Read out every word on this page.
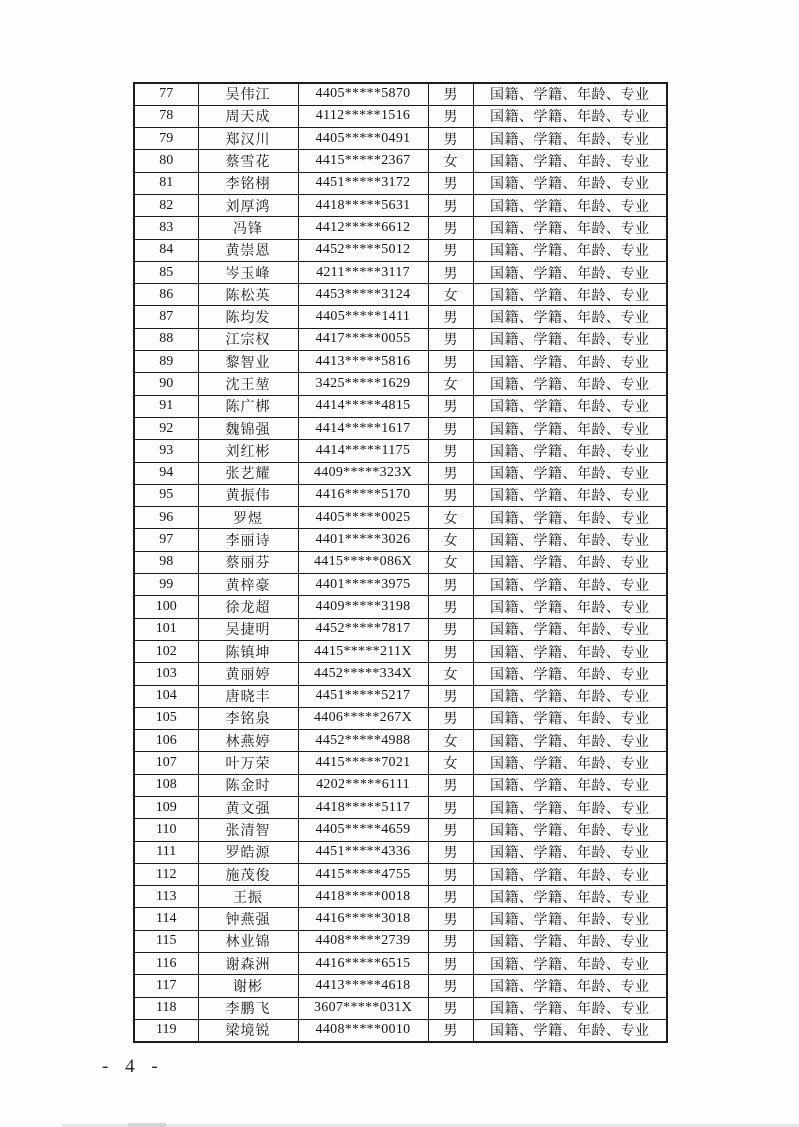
77	吴伟江	4405*****5870	男	国籍、学籍、年龄、专业
78	周天成	4112*****1516	男	国籍、学籍、年龄、专业
79	郑汉川	4405*****0491	男	国籍、学籍、年龄、专业
80	蔡雪花	4415*****2367	女	国籍、学籍、年龄、专业
81	李铭栩	4451*****3172	男	国籍、学籍、年龄、专业
82	刘厚鸿	4418*****5631	男	国籍、学籍、年龄、专业
83	冯锋	4412*****6612	男	国籍、学籍、年龄、专业
84	黄崇恩	4452*****5012	男	国籍、学籍、年龄、专业
85	岑玉峰	4211*****3117	男	国籍、学籍、年龄、专业
86	陈松英	4453*****3124	女	国籍、学籍、年龄、专业
87	陈均发	4405*****1411	男	国籍、学籍、年龄、专业
88	江宗权	4417*****0055	男	国籍、学籍、年龄、专业
89	黎智业	4413*****5816	男	国籍、学籍、年龄、专业
90	沈王堃	3425*****1629	女	国籍、学籍、年龄、专业
91	陈广梆	4414*****4815	男	国籍、学籍、年龄、专业
92	魏锦强	4414*****1617	男	国籍、学籍、年龄、专业
93	刘红彬	4414*****1175	男	国籍、学籍、年龄、专业
94	张艺耀	4409*****323X	男	国籍、学籍、年龄、专业
95	黄振伟	4416*****5170	男	国籍、学籍、年龄、专业
96	罗煜	4405*****0025	女	国籍、学籍、年龄、专业
97	李丽诗	4401*****3026	女	国籍、学籍、年龄、专业
98	蔡丽芬	4415*****086X	女	国籍、学籍、年龄、专业
99	黄梓豪	4401*****3975	男	国籍、学籍、年龄、专业
100	徐龙超	4409*****3198	男	国籍、学籍、年龄、专业
101	吴捷明	4452*****7817	男	国籍、学籍、年龄、专业
102	陈镇坤	4415*****211X	男	国籍、学籍、年龄、专业
103	黄丽婷	4452*****334X	女	国籍、学籍、年龄、专业
104	唐晓丰	4451*****5217	男	国籍、学籍、年龄、专业
105	李铭泉	4406*****267X	男	国籍、学籍、年龄、专业
106	林燕婷	4452*****4988	女	国籍、学籍、年龄、专业
107	叶万荣	4415*****7021	女	国籍、学籍、年龄、专业
108	陈金时	4202*****6111	男	国籍、学籍、年龄、专业
109	黄文强	4418*****5117	男	国籍、学籍、年龄、专业
110	张清智	4405*****4659	男	国籍、学籍、年龄、专业
111	罗皓源	4451*****4336	男	国籍、学籍、年龄、专业
112	施茂俊	4415*****4755	男	国籍、学籍、年龄、专业
113	王振	4418*****0018	男	国籍、学籍、年龄、专业
114	钟燕强	4416*****3018	男	国籍、学籍、年龄、专业
115	林业锦	4408*****2739	男	国籍、学籍、年龄、专业
116	谢森洲	4416*****6515	男	国籍、学籍、年龄、专业
117	谢彬	4413*****4618	男	国籍、学籍、年龄、专业
118	李鹏飞	3607*****031X	男	国籍、学籍、年龄、专业
119	梁境锐	4408*****0010	男	国籍、学籍、年龄、专业
- 4 -
